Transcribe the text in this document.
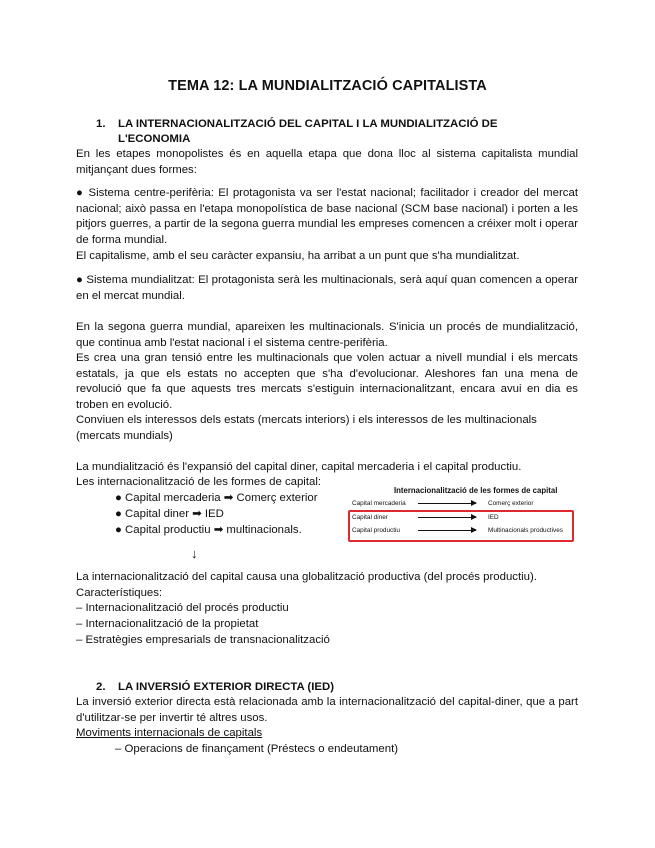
TEMA 12: LA MUNDIALITZACIÓ CAPITALISTA
1. LA INTERNACIONALITZACIÓ DEL CAPITAL I LA MUNDIALITZACIÓ DE
L'ECONOMIA
En les etapes monopolistes és en aquella etapa que dona lloc al sistema capitalista mundial mitjançant dues formes:
● Sistema centre-perifèria: El protagonista va ser l'estat nacional; facilitador i creador del mercat nacional; això passa en l'etapa monopolística de base nacional (SCM base nacional) i porten a les pitjors guerres, a partir de la segona guerra mundial les empreses comencen a créixer molt i operar de forma mundial.
El capitalisme, amb el seu caràcter expansiu, ha arribat a un punt que s'ha mundialitzat.
● Sistema mundialitzat: El protagonista serà les multinacionals, serà aquí quan comencen a operar en el mercat mundial.
En la segona guerra mundial, apareixen les multinacionals. S'inicia un procés de mundialització, que continua amb l'estat nacional i el sistema centre-perifèria.
Es crea una gran tensió entre les multinacionals que volen actuar a nivell mundial i els mercats estatals, ja que els estats no accepten que s'ha d'evolucionar. Aleshores fan una mena de revolució que fa que aquests tres mercats s'estiguin internacionalitzant, encara avui en dia es troben en evolució.
Conviuen els interessos dels estats (mercats interiors) i els interessos de les multinacionals (mercats mundials)
La mundialització és l'expansió del capital diner, capital mercaderia i el capital productiu.
Les internacionalització de les formes de capital:
● Capital mercaderia ➡ Comerç exterior
● Capital diner ➡ IED
● Capital productiu ➡ multinacionals.
Internacionalització de les formes de capital
Capital mercaderia	Comerç exterior
Capital diner	IED
Capital productiu	Multinacionals productives
↓
La internacionalització del capital causa una globalització productiva (del procés productiu).
Característiques:
– Internacionalització del procés productiu
– Internacionalització de la propietat
– Estratègies empresarials de transnacionalització
2. LA INVERSIÓ EXTERIOR DIRECTA (IED)
La inversió exterior directa està relacionada amb la internacionalització del capital-diner, que a part d'utilitzar-se per invertir té altres usos.
Moviments internacionals de capitals
– Operacions de finançament (Préstecs o endeutament)
